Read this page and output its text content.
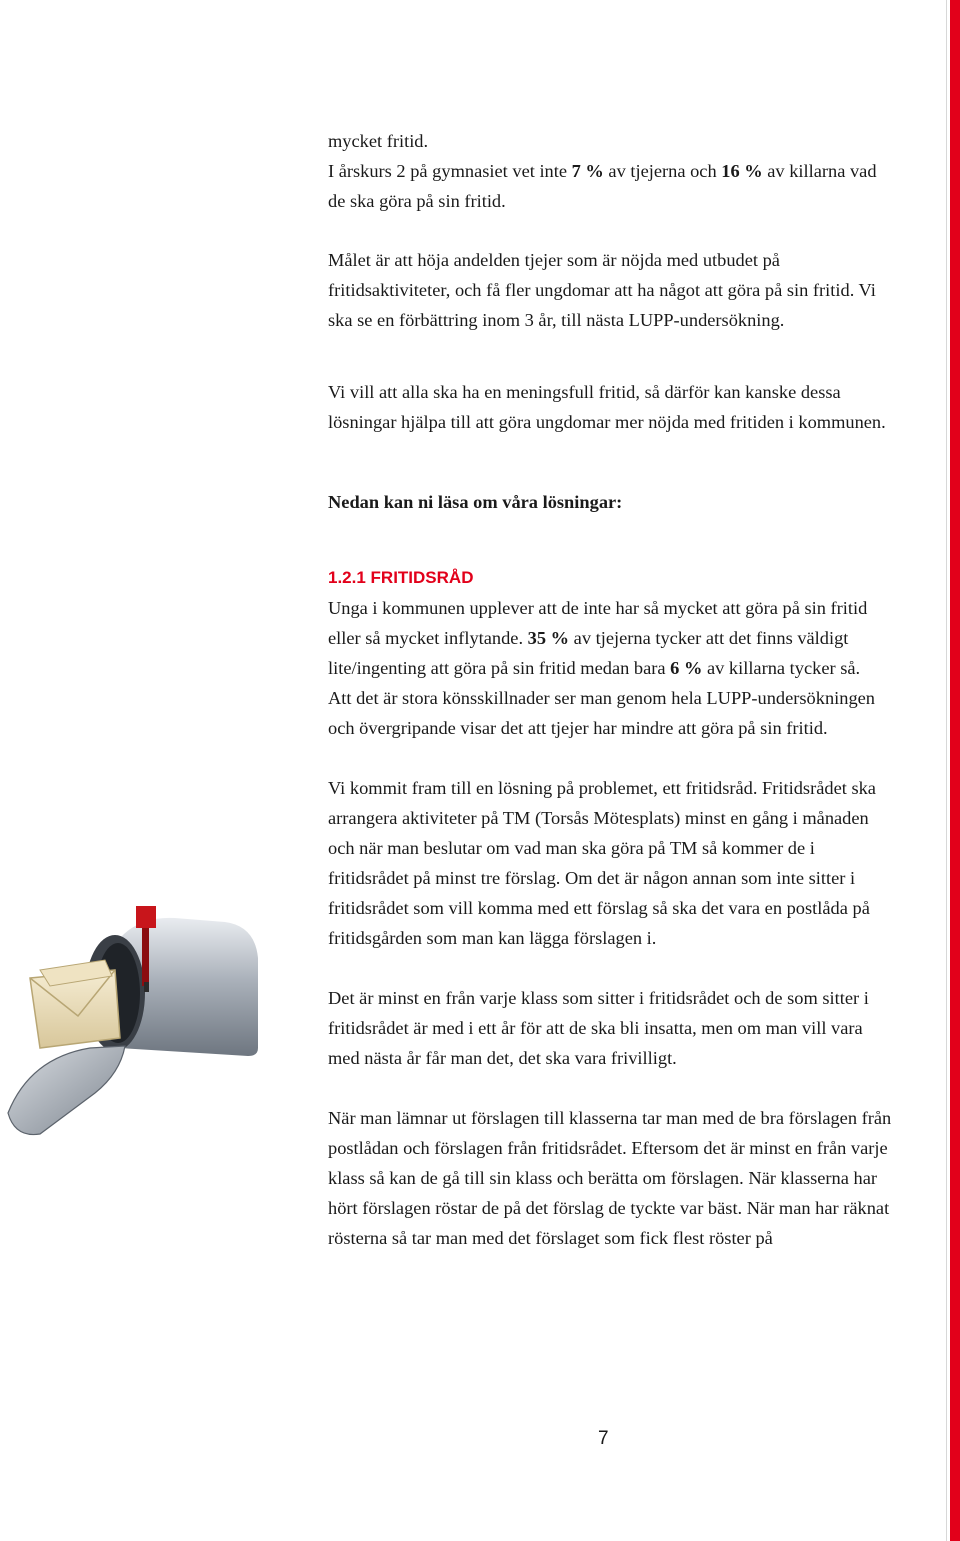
mycket fritid.

I årskurs 2 på gymnasiet vet inte 7 % av tjejerna och 16 % av killarna vad de ska göra på sin fritid.

Målet är att höja andelden tjejer som är nöjda med utbudet på fritidsaktiviteter, och få fler ungdomar att ha något att göra på sin fritid. Vi ska se en förbättring inom 3 år, till nästa LUPP-undersökning.

Vi vill att alla ska ha en meningsfull fritid, så därför kan kanske dessa lösningar hjälpa till att göra ungdomar mer nöjda med fritiden i kommunen.

Nedan kan ni läsa om våra lösningar:

1.2.1 FRITIDSRÅD

Unga i kommunen upplever att de inte har så mycket att göra på sin fritid eller så mycket inflytande. 35 % av tjejerna tycker att det finns väldigt lite/ingenting att göra på sin fritid medan bara 6 % av killarna tycker så.

Att det är stora könsskillnader ser man genom hela LUPP-undersökningen och övergripande visar det att tjejer har mindre att göra på sin fritid.

Vi kommit fram till en lösning på problemet, ett fritidsråd. Fritidsrådet ska arrangera aktiviteter på TM (Torsås Mötesplats) minst en gång i månaden och när man beslutar om vad man ska göra på TM så kommer de i fritidsrådet på minst tre förslag. Om det är någon annan som inte sitter i fritidsrådet som vill komma med ett förslag så ska det vara en postlåda på fritidsgården som man kan lägga förslagen i.

Det är minst en från varje klass som sitter i fritidsrådet och de som sitter i fritidsrådet är med i ett år för att de ska bli insatta, men om man vill vara med nästa år får man det, det ska vara frivilligt.

När man lämnar ut förslagen till klasserna tar man med de bra förslagen från postlådan och förslagen från fritidsrådet. Eftersom det är minst en från varje klass så kan de gå till sin klass och berätta om förslagen. När klasserna har hört förslagen röstar de på det förslag de tyckte var bäst. När man har räknat rösterna så tar man med det förslaget som fick flest röster på

7
